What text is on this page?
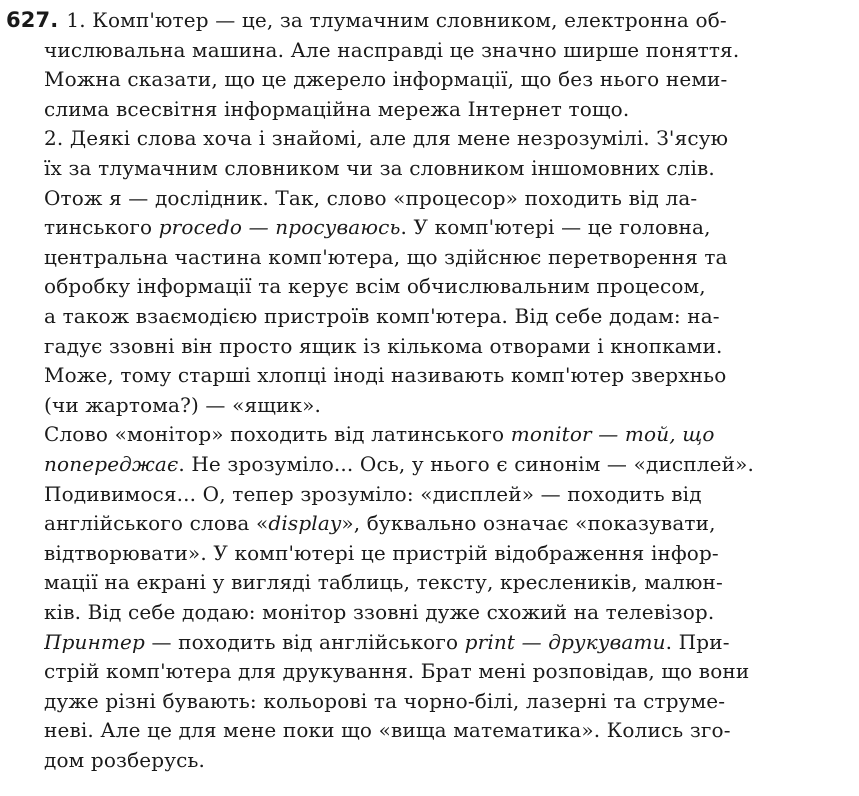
627. 1. Комп'ютер — це, за тлумачним словником, електронна об-
числювальна машина. Але насправді це значно ширше поняття.
Можна сказати, що це джерело інформації, що без нього неми-
слима всесвітня інформаційна мережа Інтернет тощо.
2. Деякі слова хоча і знайомі, але для мене незрозумілі. З'ясую
їх за тлумачним словником чи за словником іншомовних слів.
Отож я — дослідник. Так, слово «процесор» походить від ла-
тинського procedo — просуваюсь. У комп'ютері — це головна,
центральна частина комп'ютера, що здійснює перетворення та
обробку інформації та керує всім обчислювальним процесом,
а також взаємодією пристроїв комп'ютера. Від себе додам: на-
гадує ззовні він просто ящик із кількома отворами і кнопками.
Може, тому старші хлопці іноді називають комп'ютер зверхньо
(чи жартома?) — «ящик».
Слово «монітор» походить від латинського monitor — той, що
попереджає. Не зрозуміло... Ось, у нього є синонім — «дисплей».
Подивимося... О, тепер зрозуміло: «дисплей» — походить від
англійського слова «display», буквально означає «показувати,
відтворювати». У комп'ютері це пристрій відображення інфор-
мації на екрані у вигляді таблиць, тексту, креслеників, малюн-
ків. Від себе додаю: монітор ззовні дуже схожий на телевізор.
Принтер — походить від англійського print — друкувати. При-
стрій комп'ютера для друкування. Брат мені розповідав, що вони
дуже різні бувають: кольорові та чорно-білі, лазерні та струме-
неві. Але це для мене поки що «вища математика». Колись зго-
дом розберусь.
